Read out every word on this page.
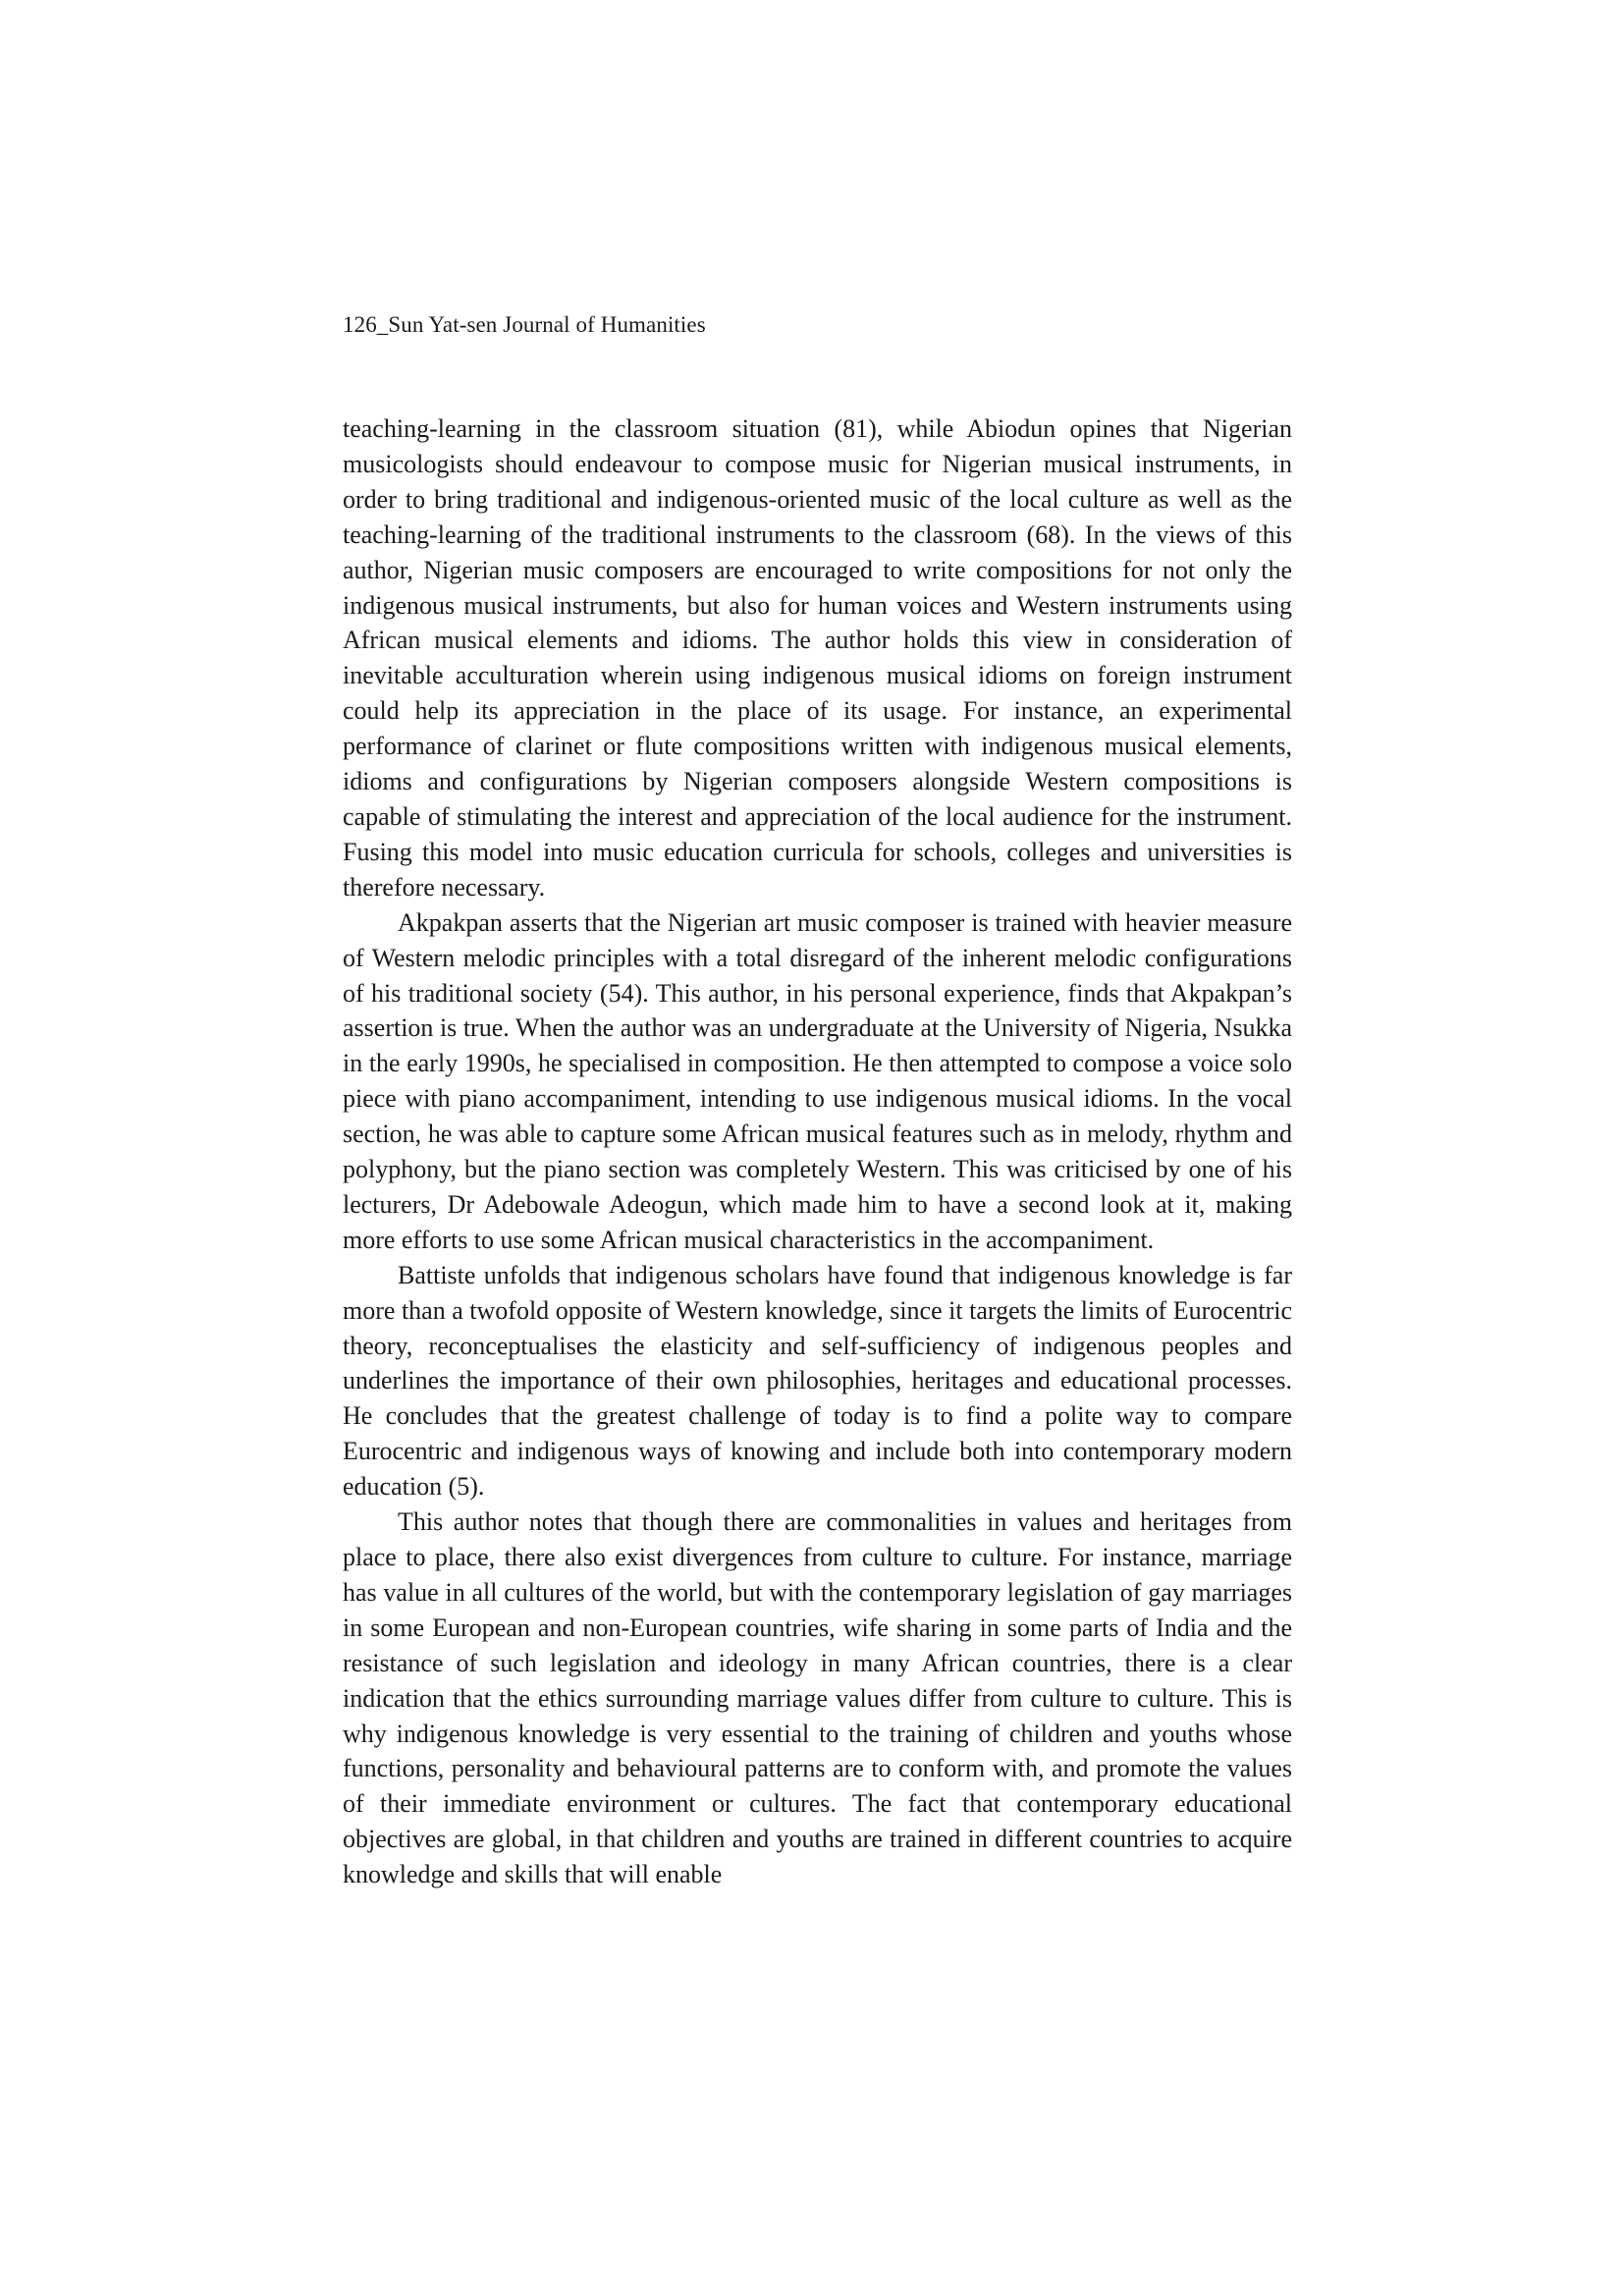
126_Sun Yat-sen Journal of Humanities

teaching-learning in the classroom situation (81), while Abiodun opines that Nigerian musicologists should endeavour to compose music for Nigerian musical instruments, in order to bring traditional and indigenous-oriented music of the local culture as well as the teaching-learning of the traditional instruments to the classroom (68). In the views of this author, Nigerian music composers are encouraged to write compositions for not only the indigenous musical instruments, but also for human voices and Western instruments using African musical elements and idioms. The author holds this view in consideration of inevitable acculturation wherein using indigenous musical idioms on foreign instrument could help its appreciation in the place of its usage. For instance, an experimental performance of clarinet or flute compositions written with indigenous musical elements, idioms and configurations by Nigerian composers alongside Western compositions is capable of stimulating the interest and appreciation of the local audience for the instrument. Fusing this model into music education curricula for schools, colleges and universities is therefore necessary.

Akpakpan asserts that the Nigerian art music composer is trained with heavier measure of Western melodic principles with a total disregard of the inherent melodic configurations of his traditional society (54). This author, in his personal experience, finds that Akpakpan’s assertion is true. When the author was an undergraduate at the University of Nigeria, Nsukka in the early 1990s, he specialised in composition. He then attempted to compose a voice solo piece with piano accompaniment, intending to use indigenous musical idioms. In the vocal section, he was able to capture some African musical features such as in melody, rhythm and polyphony, but the piano section was completely Western. This was criticised by one of his lecturers, Dr Adebowale Adeogun, which made him to have a second look at it, making more efforts to use some African musical characteristics in the accompaniment.

Battiste unfolds that indigenous scholars have found that indigenous knowledge is far more than a twofold opposite of Western knowledge, since it targets the limits of Eurocentric theory, reconceptualises the elasticity and self-sufficiency of indigenous peoples and underlines the importance of their own philosophies, heritages and educational processes. He concludes that the greatest challenge of today is to find a polite way to compare Eurocentric and indigenous ways of knowing and include both into contemporary modern education (5).

This author notes that though there are commonalities in values and heritages from place to place, there also exist divergences from culture to culture. For instance, marriage has value in all cultures of the world, but with the contemporary legislation of gay marriages in some European and non-European countries, wife sharing in some parts of India and the resistance of such legislation and ideology in many African countries, there is a clear indication that the ethics surrounding marriage values differ from culture to culture. This is why indigenous knowledge is very essential to the training of children and youths whose functions, personality and behavioural patterns are to conform with, and promote the values of their immediate environment or cultures. The fact that contemporary educational objectives are global, in that children and youths are trained in different countries to acquire knowledge and skills that will enable
